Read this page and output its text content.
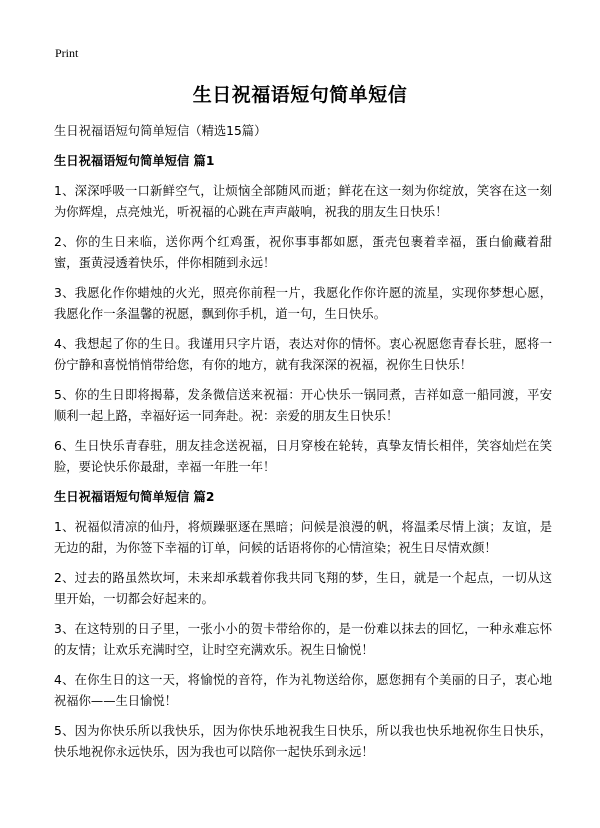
Print
生日祝福语短句简单短信
生日祝福语短句简单短信（精选15篇）
生日祝福语短句简单短信 篇1
1、深深呼吸一口新鲜空气，让烦恼全部随风而逝；鲜花在这一刻为你绽放，笑容在这一刻为你辉煌，点亮烛光，听祝福的心跳在声声敲响，祝我的朋友生日快乐！
2、你的生日来临，送你两个红鸡蛋，祝你事事都如愿，蛋壳包裹着幸福，蛋白偷藏着甜蜜，蛋黄浸透着快乐，伴你相随到永远！
3、我愿化作你蜡烛的火光，照亮你前程一片，我愿化作你许愿的流星，实现你梦想心愿，我愿化作一条温馨的祝愿，飘到你手机，道一句，生日快乐。
4、我想起了你的生日。我谨用只字片语，表达对你的情怀。衷心祝愿您青春长驻，愿将一份宁静和喜悦悄悄带给您，有你的地方，就有我深深的祝福，祝你生日快乐！
5、你的生日即将揭幕，发条微信送来祝福：开心快乐一锅同煮，吉祥如意一船同渡，平安顺利一起上路，幸福好运一同奔赴。祝：亲爱的朋友生日快乐！
6、生日快乐青春驻，朋友挂念送祝福，日月穿梭在轮转，真挚友情长相伴，笑容灿烂在笑脸，要论快乐你最甜，幸福一年胜一年！
生日祝福语短句简单短信 篇2
1、祝福似清凉的仙丹，将烦躁驱逐在黑暗；问候是浪漫的帆，将温柔尽情上演；友谊，是无边的甜，为你签下幸福的订单，问候的话语将你的心情渲染；祝生日尽情欢颜！
2、过去的路虽然坎坷，未来却承载着你我共同飞翔的梦，生日，就是一个起点，一切从这里开始，一切都会好起来的。
3、在这特别的日子里，一张小小的贺卡带给你的，是一份难以抹去的回忆，一种永难忘怀的友情；让欢乐充满时空，让时空充满欢乐。祝生日愉悦！
4、在你生日的这一天，将愉悦的音符，作为礼物送给你，愿您拥有个美丽的日子，衷心地祝福你——生日愉悦！
5、因为你快乐所以我快乐，因为你快乐地祝我生日快乐，所以我也快乐地祝你生日快乐，快乐地祝你永远快乐，因为我也可以陪你一起快乐到永远！
